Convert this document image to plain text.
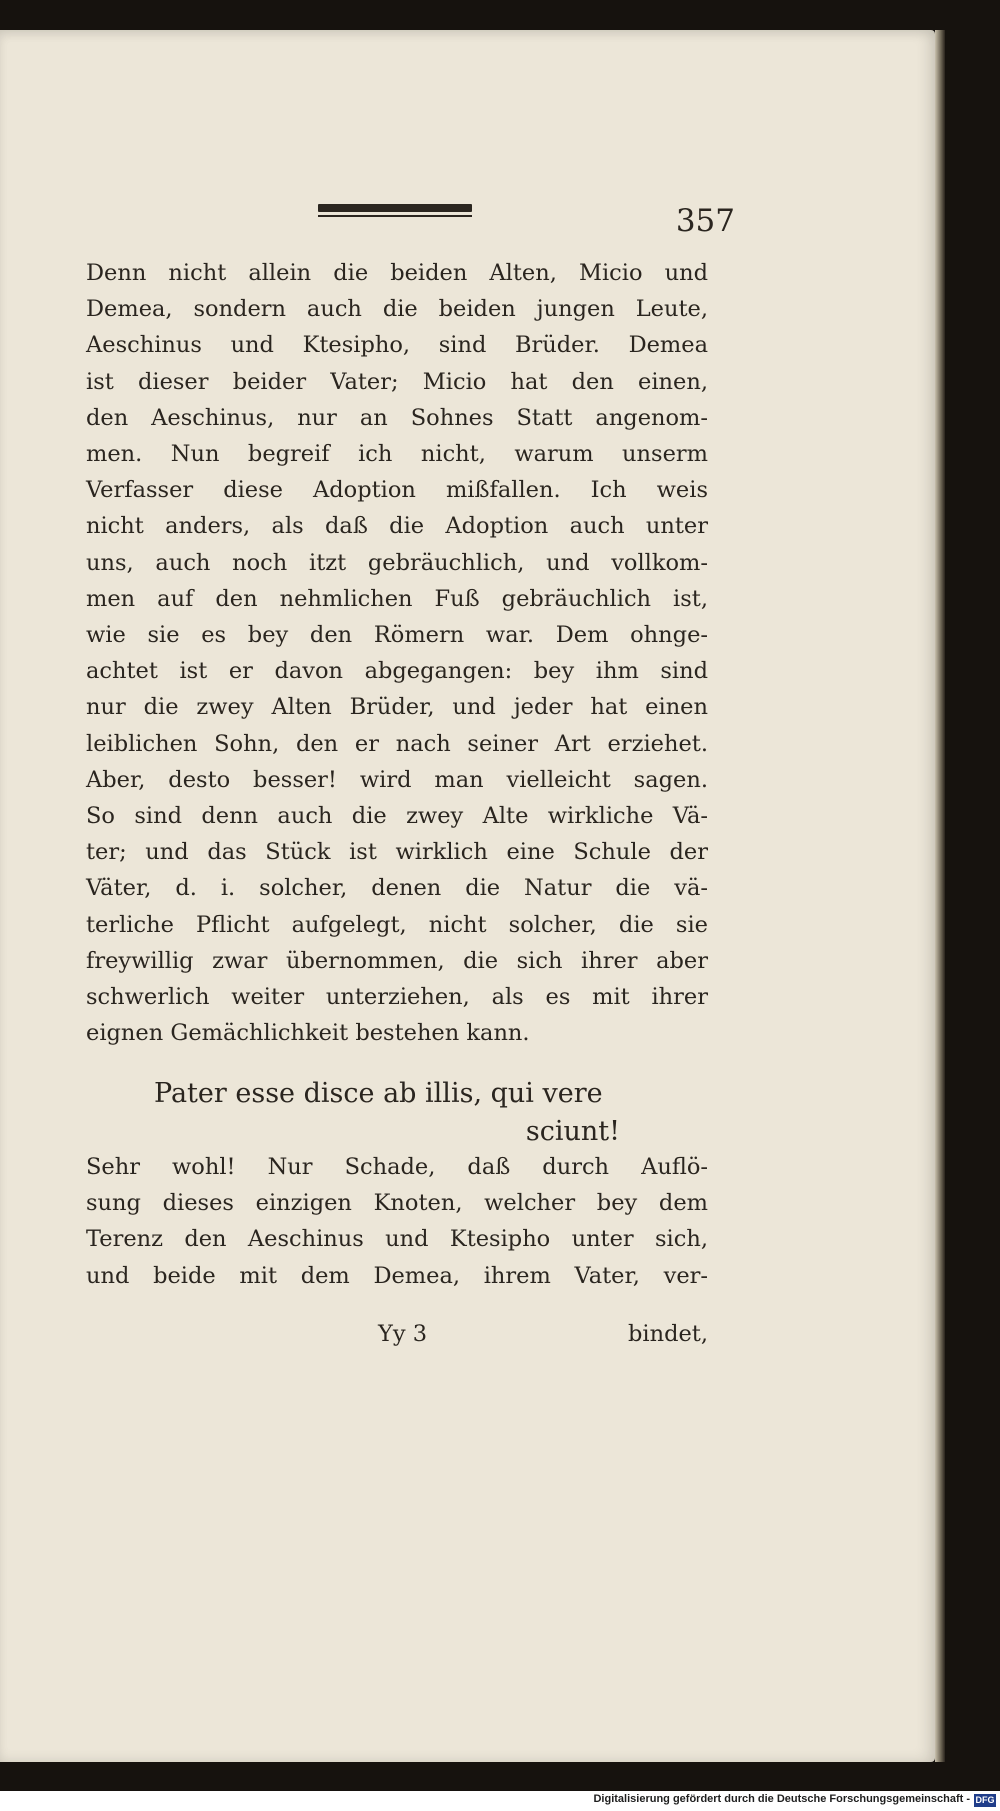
357
Denn nicht allein die beiden Alten, Micio und
Demea, sondern auch die beiden jungen Leute,
Aeschinus und Ktesipho, sind Brüder. Demea
ist dieser beider Vater; Micio hat den einen,
den Aeschinus, nur an Sohnes Statt angenom-
men. Nun begreif ich nicht, warum unserm
Verfasser diese Adoption mißfallen. Ich weis
nicht anders, als daß die Adoption auch unter
uns, auch noch itzt gebräuchlich, und vollkom-
men auf den nehmlichen Fuß gebräuchlich ist,
wie sie es bey den Römern war. Dem ohnge-
achtet ist er davon abgegangen: bey ihm sind
nur die zwey Alten Brüder, und jeder hat einen
leiblichen Sohn, den er nach seiner Art erziehet.
Aber, desto besser! wird man vielleicht sagen.
So sind denn auch die zwey Alte wirkliche Vä-
ter; und das Stück ist wirklich eine Schule der
Väter, d. i. solcher, denen die Natur die vä-
terliche Pflicht aufgelegt, nicht solcher, die sie
freywillig zwar übernommen, die sich ihrer aber
schwerlich weiter unterziehen, als es mit ihrer
eignen Gemächlichkeit bestehen kann.
Pater esse disce ab illis, qui vere
sciunt!
Sehr wohl! Nur Schade, daß durch Auflö-
sung dieses einzigen Knoten, welcher bey dem
Terenz den Aeschinus und Ktesipho unter sich,
und beide mit dem Demea, ihrem Vater, ver-
Yy 3	bindet,
Digitalisierung gefördert durch die Deutsche Forschungsgemeinschaft - DFG
